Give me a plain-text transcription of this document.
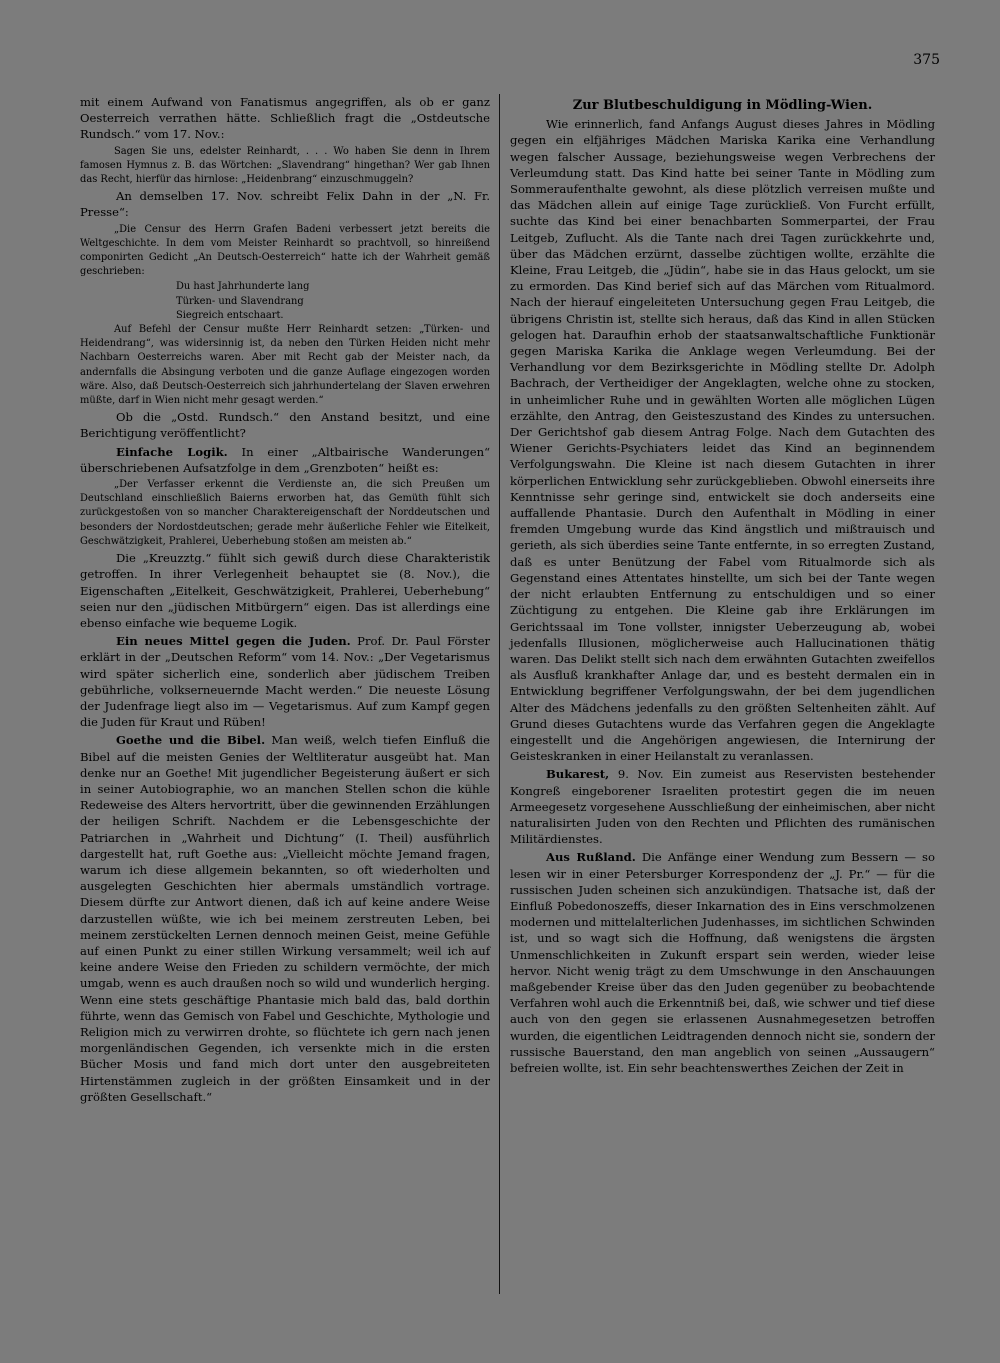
375

mit einem Aufwand von Fanatismus angegriffen, als ob er ganz Oesterreich verrathen hätte. Schließlich fragt die „Ostdeutsche Rundsch.“ vom 17. Nov.:

Sagen Sie uns, edelster Reinhardt, . . . Wo haben Sie denn in Ihrem famosen Hymnus z. B. das Wörtchen: „Slavendrang“ hingethan? Wer gab Ihnen das Recht, hierfür das hirnlose: „Heidenbrang“ einzuschmuggeln?

An demselben 17. Nov. schreibt Felix Dahn in der „N. Fr. Presse“:

„Die Censur des Herrn Grafen Badeni verbessert jetzt bereits die Weltgeschichte. In dem vom Meister Reinhardt so prachtvoll, so hinreißend componirten Gedicht „An Deutsch-Oesterreich“ hatte ich der Wahrheit gemäß geschrieben:

Du hast Jahrhunderte lang

Türken- und Slavendrang

Siegreich entschaart.

Auf Befehl der Censur mußte Herr Reinhardt setzen: „Türken- und Heidendrang“, was widersinnig ist, da neben den Türken Heiden nicht mehr Nachbarn Oesterreichs waren. Aber mit Recht gab der Meister nach, da andernfalls die Absingung verboten und die ganze Auflage eingezogen worden wäre. Also, daß Deutsch-Oesterreich sich jahrhundertelang der Slaven erwehren müßte, darf in Wien nicht mehr gesagt werden.“

Ob die „Ostd. Rundsch.“ den Anstand besitzt, und eine Berichtigung veröffentlicht?

Einfache Logik. In einer „Altbairische Wanderungen“ überschriebenen Aufsatzfolge in dem „Grenzboten“ heißt es:

„Der Verfasser erkennt die Verdienste an, die sich Preußen um Deutschland einschließlich Baierns erworben hat, das Gemüth fühlt sich zurückgestoßen von so mancher Charaktereigenschaft der Norddeutschen und besonders der Nordostdeutschen; gerade mehr äußerliche Fehler wie Eitelkeit, Geschwätzigkeit, Prahlerei, Ueberhebung stoßen am meisten ab.“

Die „Kreuzztg.“ fühlt sich gewiß durch diese Charakteristik getroffen. In ihrer Verlegenheit behauptet sie (8. Nov.), die Eigenschaften „Eitelkeit, Geschwätzigkeit, Prahlerei, Ueberhebung“ seien nur den „jüdischen Mitbürgern“ eigen. Das ist allerdings eine ebenso einfache wie bequeme Logik.

Ein neues Mittel gegen die Juden. Prof. Dr. Paul Förster erklärt in der „Deutschen Reform“ vom 14. Nov.: „Der Vegetarismus wird später sicherlich eine, sonderlich aber jüdischem Treiben gebührliche, volkserneuernde Macht werden.“ Die neueste Lösung der Judenfrage liegt also im — Vegetarismus. Auf zum Kampf gegen die Juden für Kraut und Rüben!

Goethe und die Bibel. Man weiß, welch tiefen Einfluß die Bibel auf die meisten Genies der Weltliteratur ausgeübt hat. Man denke nur an Goethe! Mit jugendlicher Begeisterung äußert er sich in seiner Autobiographie, wo an manchen Stellen schon die kühle Redeweise des Alters hervortritt, über die gewinnenden Erzählungen der heiligen Schrift. Nachdem er die Lebensgeschichte der Patriarchen in „Wahrheit und Dichtung“ (I. Theil) ausführlich dargestellt hat, ruft Goethe aus: „Vielleicht möchte Jemand fragen, warum ich diese allgemein bekannten, so oft wiederholten und ausgelegten Geschichten hier abermals umständlich vortrage. Diesem dürfte zur Antwort dienen, daß ich auf keine andere Weise darzustellen wüßte, wie ich bei meinem zerstreuten Leben, bei meinem zerstückelten Lernen dennoch meinen Geist, meine Gefühle auf einen Punkt zu einer stillen Wirkung versammelt; weil ich auf keine andere Weise den Frieden zu schildern vermöchte, der mich umgab, wenn es auch draußen noch so wild und wunderlich herging. Wenn eine stets geschäftige Phantasie mich bald das, bald dorthin führte, wenn das Gemisch von Fabel und Geschichte, Mythologie und Religion mich zu verwirren drohte, so flüchtete ich gern nach jenen morgenländischen Gegenden, ich versenkte mich in die ersten Bücher Mosis und fand mich dort unter den ausgebreiteten Hirtenstämmen zugleich in der größten Einsamkeit und in der größten Gesellschaft.“

Zur Blutbeschuldigung in Mödling-Wien.

Wie erinnerlich, fand Anfangs August dieses Jahres in Mödling gegen ein elfjähriges Mädchen Mariska Karika eine Verhandlung wegen falscher Aussage, beziehungsweise wegen Verbrechens der Verleumdung statt. Das Kind hatte bei seiner Tante in Mödling zum Sommeraufenthalte gewohnt, als diese plötzlich verreisen mußte und das Mädchen allein auf einige Tage zurückließ. Von Furcht erfüllt, suchte das Kind bei einer benachbarten Sommerpartei, der Frau Leitgeb, Zuflucht. Als die Tante nach drei Tagen zurückkehrte und, über das Mädchen erzürnt, dasselbe züchtigen wollte, erzählte die Kleine, Frau Leitgeb, die „Jüdin“, habe sie in das Haus gelockt, um sie zu ermorden. Das Kind berief sich auf das Märchen vom Ritualmord. Nach der hierauf eingeleiteten Untersuchung gegen Frau Leitgeb, die übrigens Christin ist, stellte sich heraus, daß das Kind in allen Stücken gelogen hat. Daraufhin erhob der staatsanwaltschaftliche Funktionär gegen Mariska Karika die Anklage wegen Verleumdung. Bei der Verhandlung vor dem Bezirksgerichte in Mödling stellte Dr. Adolph Bachrach, der Vertheidiger der Angeklagten, welche ohne zu stocken, in unheimlicher Ruhe und in gewählten Worten alle möglichen Lügen erzählte, den Antrag, den Geisteszustand des Kindes zu untersuchen. Der Gerichtshof gab diesem Antrag Folge. Nach dem Gutachten des Wiener Gerichts-Psychiaters leidet das Kind an beginnendem Verfolgungswahn. Die Kleine ist nach diesem Gutachten in ihrer körperlichen Entwicklung sehr zurückgeblieben. Obwohl einerseits ihre Kenntnisse sehr geringe sind, entwickelt sie doch anderseits eine auffallende Phantasie. Durch den Aufenthalt in Mödling in einer fremden Umgebung wurde das Kind ängstlich und mißtrauisch und gerieth, als sich überdies seine Tante entfernte, in so erregten Zustand, daß es unter Benützung der Fabel vom Ritualmorde sich als Gegenstand eines Attentates hinstellte, um sich bei der Tante wegen der nicht erlaubten Entfernung zu entschuldigen und so einer Züchtigung zu entgehen. Die Kleine gab ihre Erklärungen im Gerichtssaal im Tone vollster, innigster Ueberzeugung ab, wobei jedenfalls Illusionen, möglicherweise auch Hallucinationen thätig waren. Das Delikt stellt sich nach dem erwähnten Gutachten zweifellos als Ausfluß krankhafter Anlage dar, und es besteht dermalen ein in Entwicklung begriffener Verfolgungswahn, der bei dem jugendlichen Alter des Mädchens jedenfalls zu den größten Seltenheiten zählt. Auf Grund dieses Gutachtens wurde das Verfahren gegen die Angeklagte eingestellt und die Angehörigen angewiesen, die Internirung der Geisteskranken in einer Heilanstalt zu veranlassen.

Bukarest, 9. Nov. Ein zumeist aus Reservisten bestehender Kongreß eingeborener Israeliten protestirt gegen die im neuen Armeegesetz vorgesehene Ausschließung der einheimischen, aber nicht naturalisirten Juden von den Rechten und Pflichten des rumänischen Militärdienstes.

Aus Rußland. Die Anfänge einer Wendung zum Bessern — so lesen wir in einer Petersburger Korrespondenz der „J. Pr.“ — für die russischen Juden scheinen sich anzukündigen. Thatsache ist, daß der Einfluß Pobedonoszeffs, dieser Inkarnation des in Eins verschmolzenen modernen und mittelalterlichen Judenhasses, im sichtlichen Schwinden ist, und so wagt sich die Hoffnung, daß wenigstens die ärgsten Unmenschlichkeiten in Zukunft erspart sein werden, wieder leise hervor. Nicht wenig trägt zu dem Umschwunge in den Anschauungen maßgebender Kreise über das den Juden gegenüber zu beobachtende Verfahren wohl auch die Erkenntniß bei, daß, wie schwer und tief diese auch von den gegen sie erlassenen Ausnahmegesetzen betroffen wurden, die eigentlichen Leidtragenden dennoch nicht sie, sondern der russische Bauerstand, den man angeblich von seinen „Aussaugern“ befreien wollte, ist. Ein sehr beachtenswerthes Zeichen der Zeit in
